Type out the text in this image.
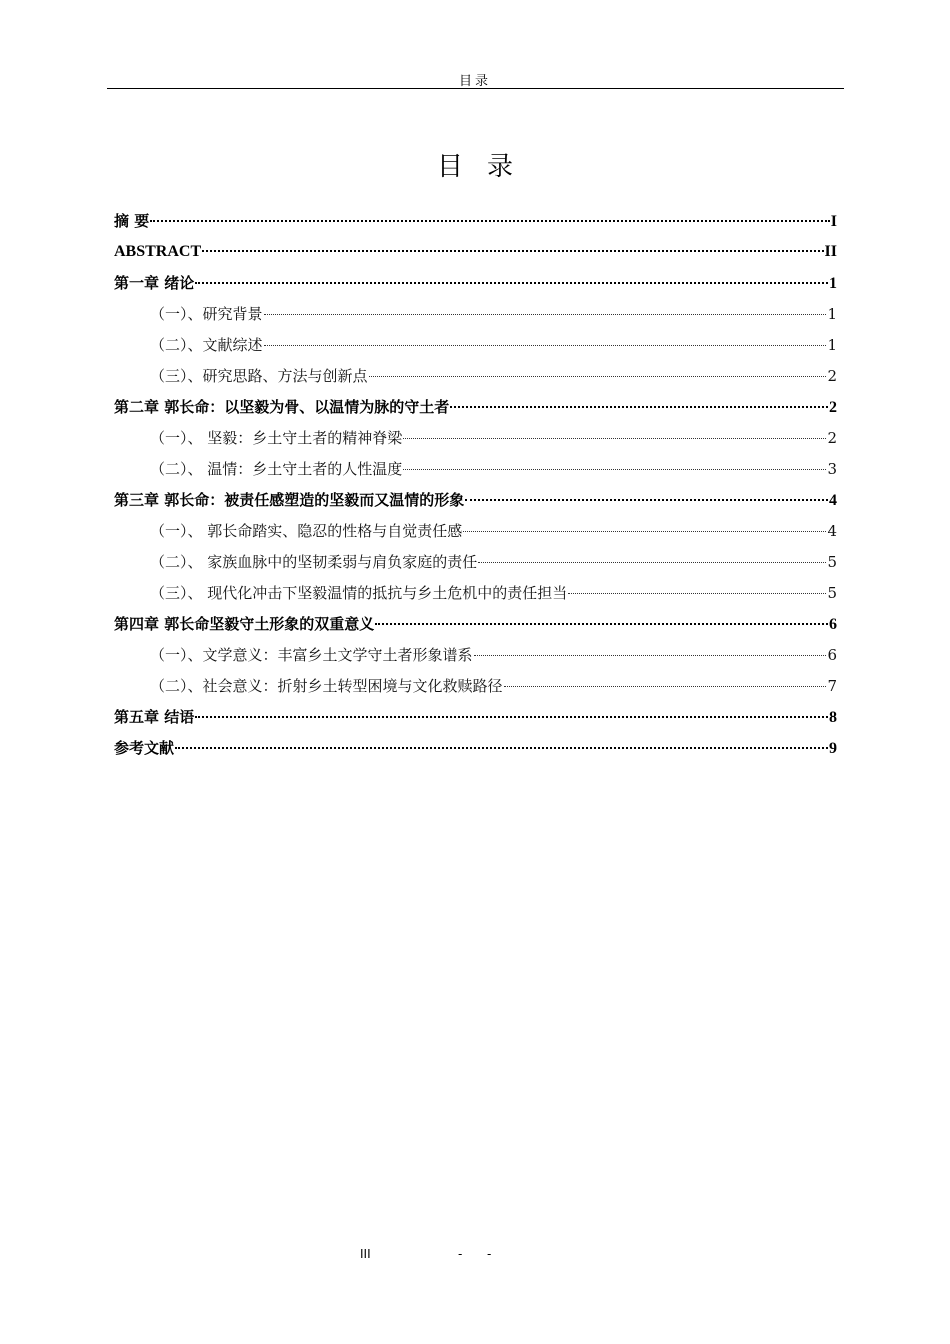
目录
目录
摘 要	I
ABSTRACT	II
第一章 绪论	1
（一）、研究背景	1
（二）、文献综述	1
（三）、研究思路、方法与创新点	2
第二章 郭长命：以坚毅为骨、以温情为脉的守土者	2
（一）、 坚毅：乡土守土者的精神脊梁	2
（二）、 温情：乡土守土者的人性温度	3
第三章 郭长命：被责任感塑造的坚毅而又温情的形象	4
（一）、 郭长命踏实、隐忍的性格与自觉责任感	4
（二）、 家族血脉中的坚韧柔弱与肩负家庭的责任	5
（三）、 现代化冲击下坚毅温情的抵抗与乡土危机中的责任担当	5
第四章 郭长命坚毅守土形象的双重意义	6
（一）、文学意义：丰富乡土文学守土者形象谱系	6
（二）、社会意义：折射乡土转型困境与文化救赎路径	7
第五章 结语	8
参考文献	9
III	- -
